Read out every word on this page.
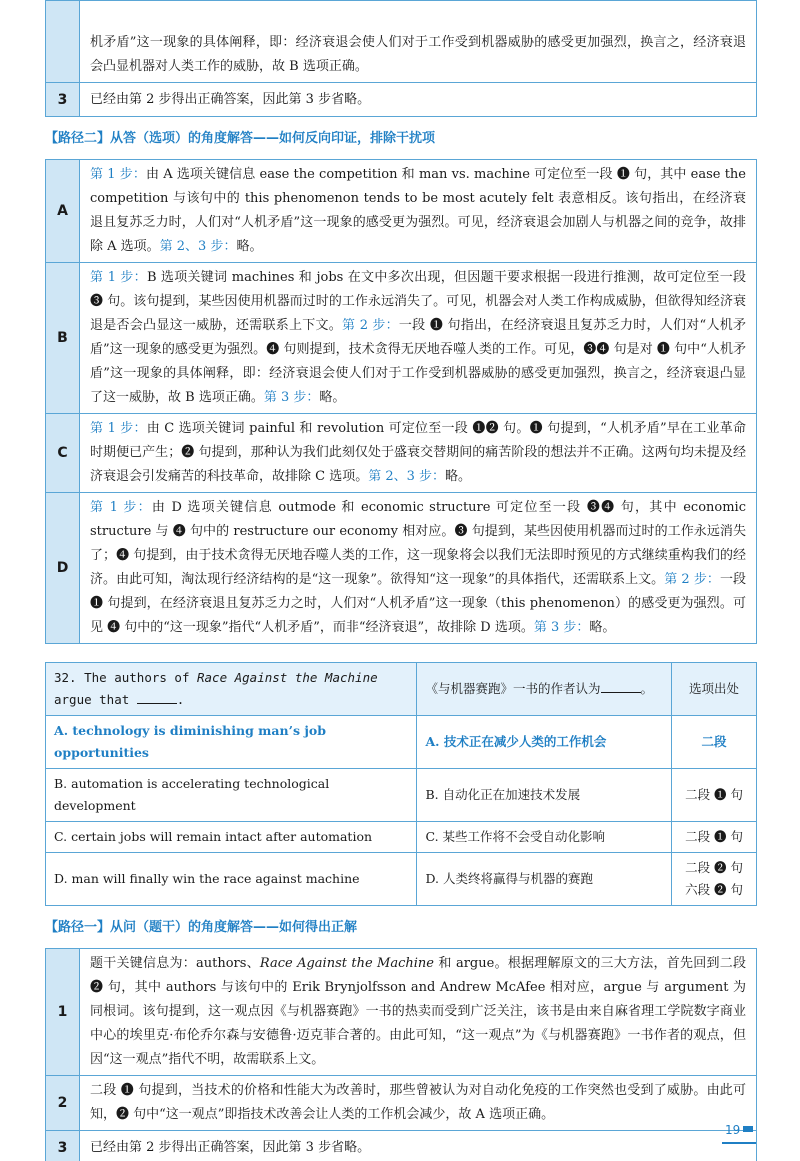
	机矛盾”这一现象的具体阐释，即：经济衰退会使人们对于工作受到机器威胁的感受更加强烈，换言之，经济衰退会凸显机器对人类工作的威胁，故 B 选项正确。
3	已经由第 2 步得出正确答案，因此第 3 步省略。
【路径二】从答（选项）的角度解答——如何反向印证，排除干扰项
A	第 1 步：由 A 选项关键信息 ease the competition 和 man vs. machine 可定位至一段 ❶ 句，其中 ease the competition 与该句中的 this phenomenon tends to be most acutely felt 表意相反。该句指出，在经济衰退且复苏乏力时，人们对“人机矛盾”这一现象的感受更为强烈。可见，经济衰退会加剧人与机器之间的竞争，故排除 A 选项。第 2、3 步：略。
B	第 1 步：B 选项关键词 machines 和 jobs 在文中多次出现，但因题干要求根据一段进行推测，故可定位至一段 ❸ 句。该句提到，某些因使用机器而过时的工作永远消失了。可见，机器会对人类工作构成威胁，但欲得知经济衰退是否会凸显这一威胁，还需联系上下文。第 2 步：一段 ❶ 句指出，在经济衰退且复苏乏力时，人们对“人机矛盾”这一现象的感受更为强烈。❹ 句则提到，技术贪得无厌地吞噬人类的工作。可见，❸❹ 句是对 ❶ 句中“人机矛盾”这一现象的具体阐释，即：经济衰退会使人们对于工作受到机器威胁的感受更加强烈，换言之，经济衰退凸显了这一威胁，故 B 选项正确。第 3 步：略。
C	第 1 步：由 C 选项关键词 painful 和 revolution 可定位至一段 ❶❷ 句。❶ 句提到，“人机矛盾”早在工业革命时期便已产生；❷ 句提到，那种认为我们此刻仅处于盛衰交替期间的痛苦阶段的想法并不正确。这两句均未提及经济衰退会引发痛苦的科技革命，故排除 C 选项。第 2、3 步：略。
D	第 1 步：由 D 选项关键信息 outmode 和 economic structure 可定位至一段 ❸❹ 句，其中 economic structure 与 ❹ 句中的 restructure our economy 相对应。❸ 句提到，某些因使用机器而过时的工作永远消失了；❹ 句提到，由于技术贪得无厌地吞噬人类的工作，这一现象将会以我们无法即时预见的方式继续重构我们的经济。由此可知，淘汰现行经济结构的是“这一现象”。欲得知“这一现象”的具体指代，还需联系上文。第 2 步：一段 ❶ 句提到，在经济衰退且复苏乏力之时，人们对“人机矛盾”这一现象（this phenomenon）的感受更为强烈。可见 ❹ 句中的“这一现象”指代“人机矛盾”，而非“经济衰退”，故排除 D 选项。第 3 步：略。
32. The authors of Race Against the Machine argue that .	《与机器赛跑》一书的作者认为 。	选项出处
A. technology is diminishing man’s job opportunities	A. 技术正在减少人类的工作机会	二段
B. automation is accelerating technological development	B. 自动化正在加速技术发展	二段 ❶ 句
C. certain jobs will remain intact after automation	C. 某些工作将不会受自动化影响	二段 ❶ 句
D. man will finally win the race against machine	D. 人类终将赢得与机器的赛跑	二段 ❷ 句
六段 ❷ 句
【路径一】从问（题干）的角度解答——如何得出正解
1	题干关键信息为：authors、Race Against the Machine 和 argue。根据理解原文的三大方法，首先回到二段 ❷ 句，其中 authors 与该句中的 Erik Brynjolfsson and Andrew McAfee 相对应，argue 与 argument 为同根词。该句提到，这一观点因《与机器赛跑》一书的热卖而受到广泛关注，该书是由来自麻省理工学院数字商业中心的埃里克·布伦乔尔森与安德鲁·迈克菲合著的。由此可知，“这一观点”为《与机器赛跑》一书作者的观点，但因“这一观点”指代不明，故需联系上文。
2	二段 ❶ 句提到，当技术的价格和性能大为改善时，那些曾被认为对自动化免疫的工作突然也受到了威胁。由此可知，❷ 句中“这一观点”即指技术改善会让人类的工作机会减少，故 A 选项正确。
3	已经由第 2 步得出正确答案，因此第 3 步省略。
19
